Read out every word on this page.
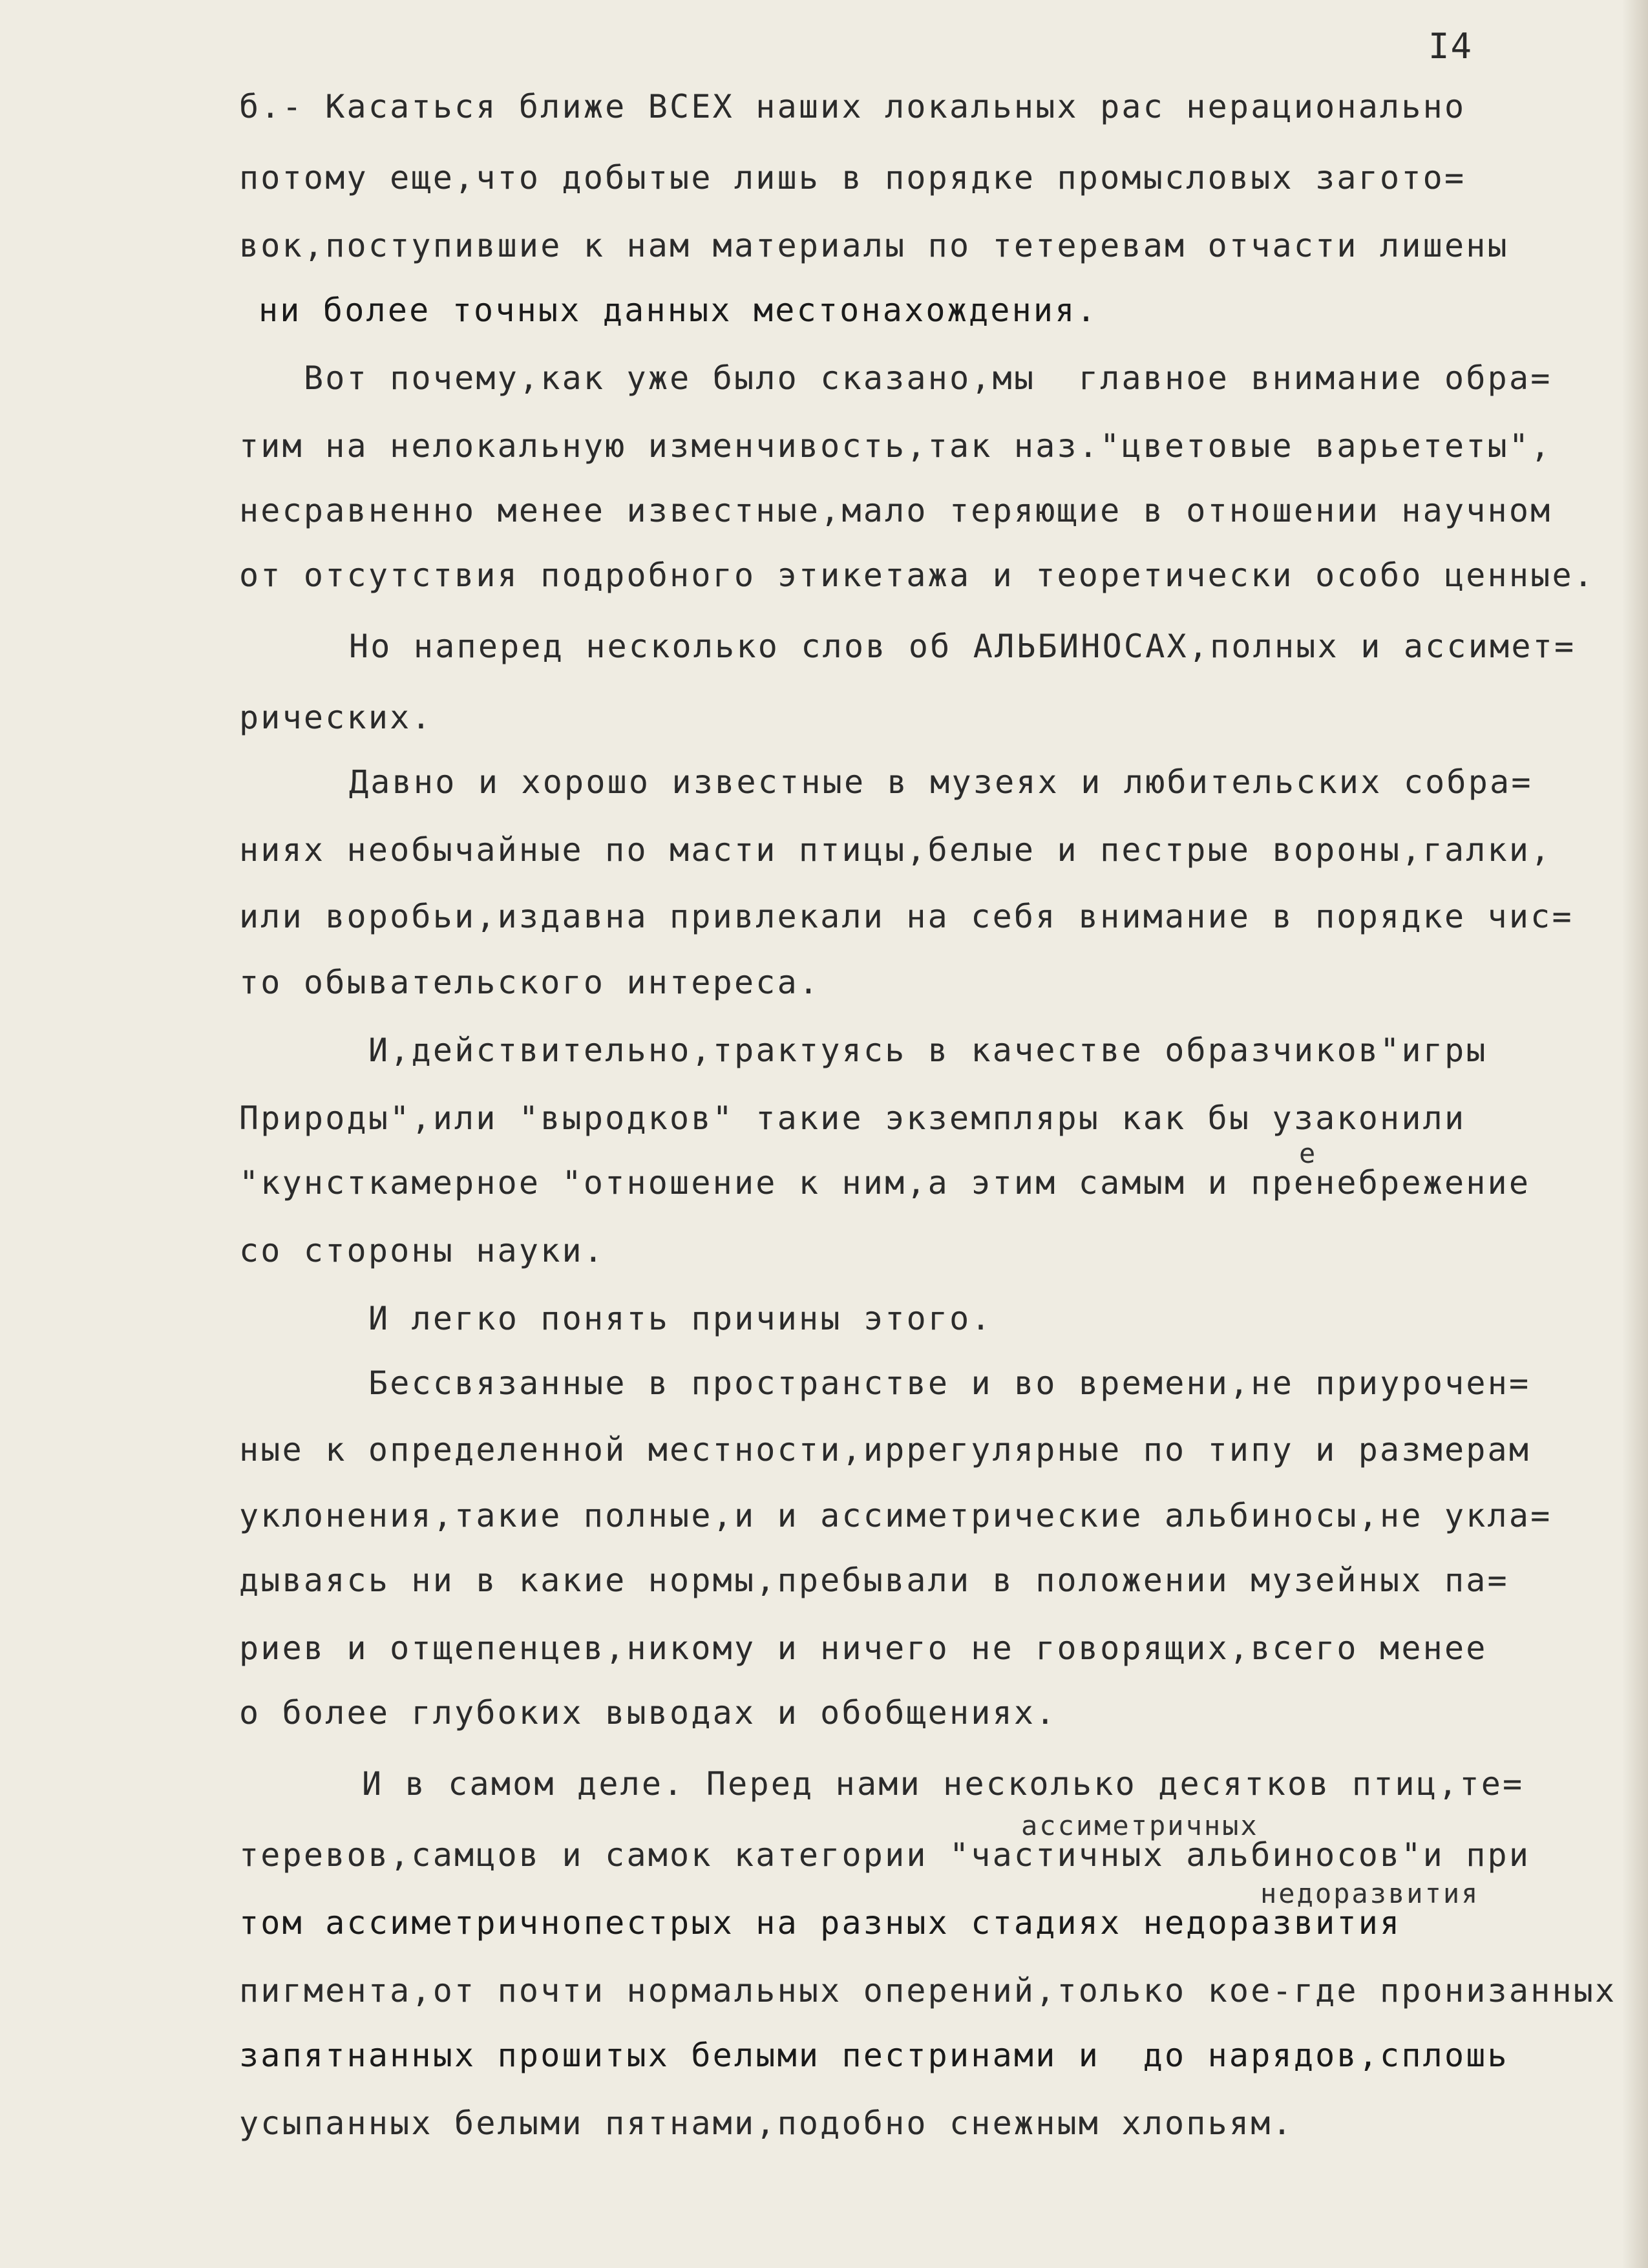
I4
б.- Касаться ближе ВСЕХ наших локальных рас нерационально
потому еще,что добытые лишь в порядке промысловых загото=
вок,поступившие к нам материалы по тетеревам отчасти лишены
ни более точных данных местонахождения.
Вот почему,как уже было сказано,мы  главное внимание обра=
тим на нелокальную изменчивость,так наз."цветовые варьететы",
несравненно менее известные,мало теряющие в отношении научном
от отсутствия подробного этикетажа и теоретически особо ценные.
Но наперед несколько слов об АЛЬБИНОСАХ,полных и ассимет=
рических.
Давно и хорошо известные в музеях и любительских собра=
ниях необычайные по масти птицы,белые и пестрые вороны,галки,
или воробьи,издавна привлекали на себя внимание в порядке чис=
то обывательского интереса.
И,действительно,трактуясь в качестве образчиков"игры
Природы",или "выродков" такие экземпляры как бы узаконили
е
"кунсткамерное "отношение к ним,а этим самым и пренебрежение
со стороны науки.
И легко понять причины этого.
Бессвязанные в пространстве и во времени,не приурочен=
ные к определенной местности,иррегулярные по типу и размерам
уклонения,такие полные,и и ассиметрические альбиносы,не укла=
дываясь ни в какие нормы,пребывали в положении музейных па=
риев и отщепенцев,никому и ничего не говорящих,всего менее
о более глубоких выводах и обобщениях.
И в самом деле. Перед нами несколько десятков птиц,те=
ассиметричных
теревов,самцов и самок категории "частичных альбиносов"и при
недоразвития
том ассиметричнопестрых на разных стадиях недоразвития
пигмента,от почти нормальных оперений,только кое-где пронизанных
запятнанных прошитых белыми пестринами и  до нарядов,сплошь
усыпанных белыми пятнами,подобно снежным хлопьям.
